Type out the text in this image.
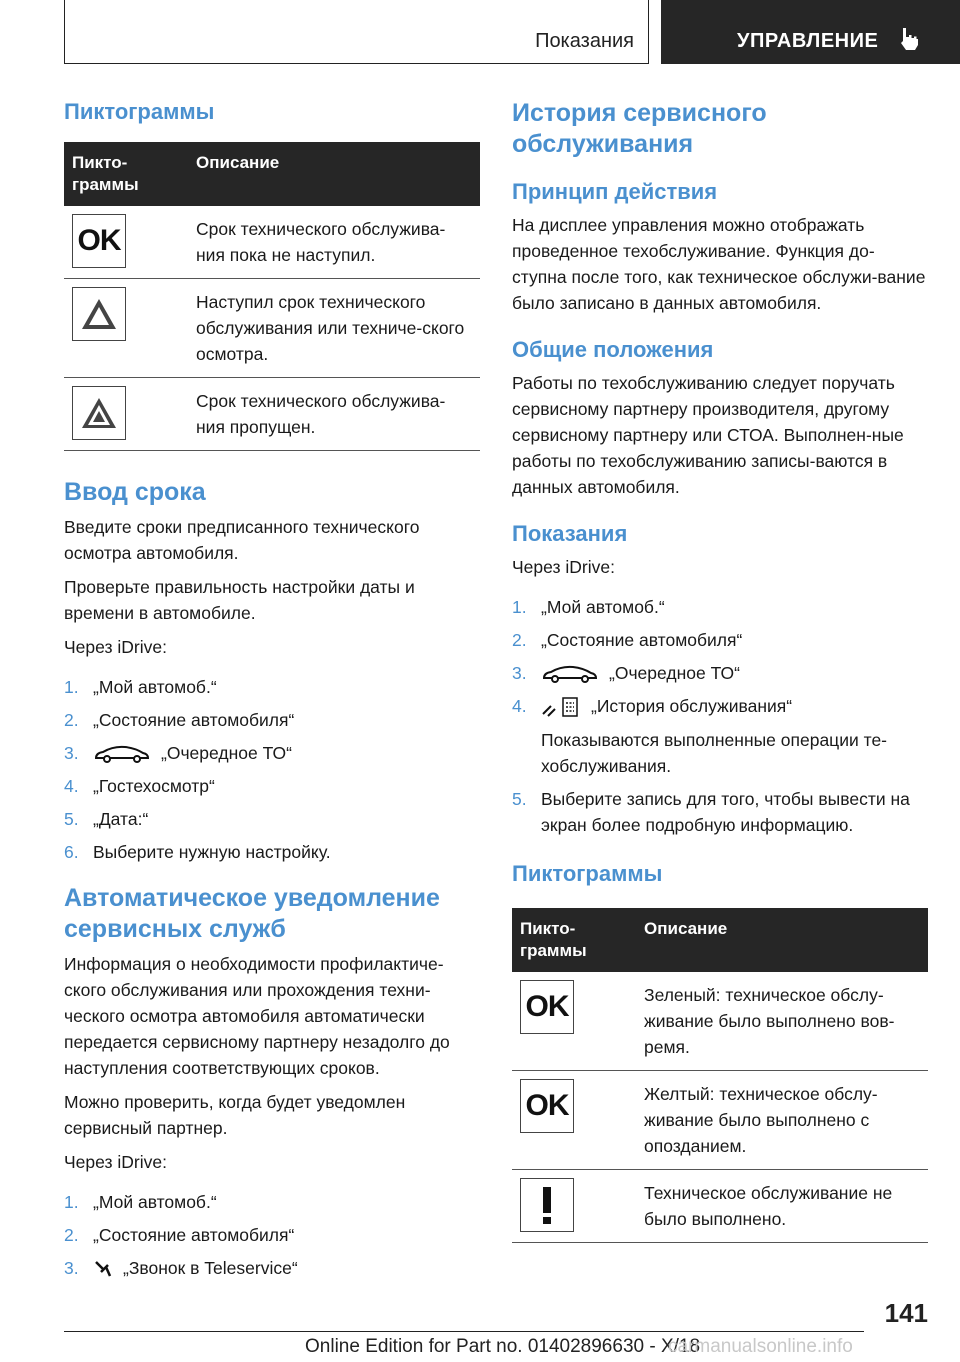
Показания	УПРАВЛЕНИЕ
Пиктограммы
Пикто-
граммы	Описание

OK	Срок технического обслужива-ния пока не наступил.

	Наступил срок технического обслуживания или техниче-ского осмотра.

	Срок технического обслужива-ния пропущен.
Ввод срока

Введите сроки предписанного технического осмотра автомобиля.

Проверьте правильность настройки даты и времени в автомобиле.

Через iDrive:

1. „Мой автомоб.“
2. „Состояние автомобиля“
3.	„Очередное ТО“
4. „Гостехосмотр“
5. „Дата:“
6. Выберите нужную настройку.
Автоматическое уведомление сервисных служб

Информация о необходимости профилактиче-ского обслуживания или прохождения техни-ческого осмотра автомобиля автоматически передается сервисному партнеру незадолго до наступления соответствующих сроков.

Можно проверить, когда будет уведомлен сервисный партнер.

Через iDrive:

1. „Мой автомоб.“
2. „Состояние автомобиля“
3.	„Звонок в Teleservice“
История сервисного обслуживания
Принцип действия

На дисплее управления можно отображать проведенное техобслуживание. Функция до-ступна после того, как техническое обслужи-вание было записано в данных автомобиля.

Общие положения

Работы по техобслуживанию следует поручать сервисному партнеру производителя, другому сервисному партнеру или СТОА. Выполнен-ные работы по техобслуживанию записы-ваются в данных автомобиля.

Показания

Через iDrive:

1. „Мой автомоб.“
2. „Состояние автомобиля“
3.	„Очередное ТО“
4.	„История обслуживания“
Показываются выполненные операции те-хобслуживания.
5. Выберите запись для того, чтобы вывести на экран более подробную информацию.
Пиктограммы
Пикто-
граммы	Описание

OK	Зеленый: техническое обслу-живание было выполнено вов-ремя.

OK	Желтый: техническое обслу-живание было выполнено с опозданием.

	Техническое обслуживание не было выполнено.
141
Online Edition for Part no. 01402896630 - X/18
carmanualsonline.info
